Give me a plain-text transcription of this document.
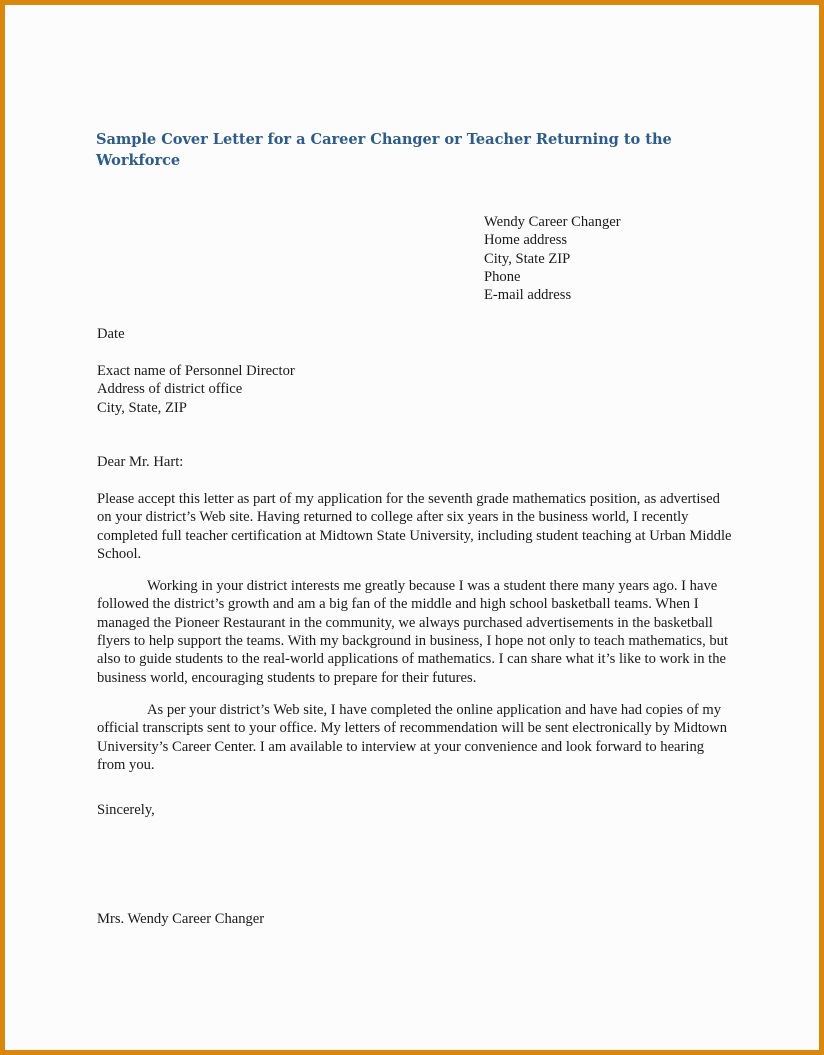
Sample Cover Letter for a Career Changer or Teacher Returning to the Workforce
Wendy Career Changer
Home address
City, State ZIP
Phone
E-mail address
Date
Exact name of Personnel Director
Address of district office
City, State, ZIP
Dear Mr. Hart:

Please accept this letter as part of my application for the seventh grade mathematics position, as advertised on your district’s Web site. Having returned to college after six years in the business world, I recently completed full teacher certification at Midtown State University, including student teaching at Urban Middle School.

Working in your district interests me greatly because I was a student there many years ago. I have followed the district’s growth and am a big fan of the middle and high school basketball teams. When I managed the Pioneer Restaurant in the community, we always purchased advertisements in the basketball flyers to help support the teams. With my background in business, I hope not only to teach mathematics, but also to guide students to the real-world applications of mathematics. I can share what it’s like to work in the business world, encouraging students to prepare for their futures.

As per your district’s Web site, I have completed the online application and have had copies of my official transcripts sent to your office. My letters of recommendation will be sent electronically by Midtown University’s Career Center. I am available to interview at your convenience and look forward to hearing from you.

Sincerely,
Mrs. Wendy Career Changer
